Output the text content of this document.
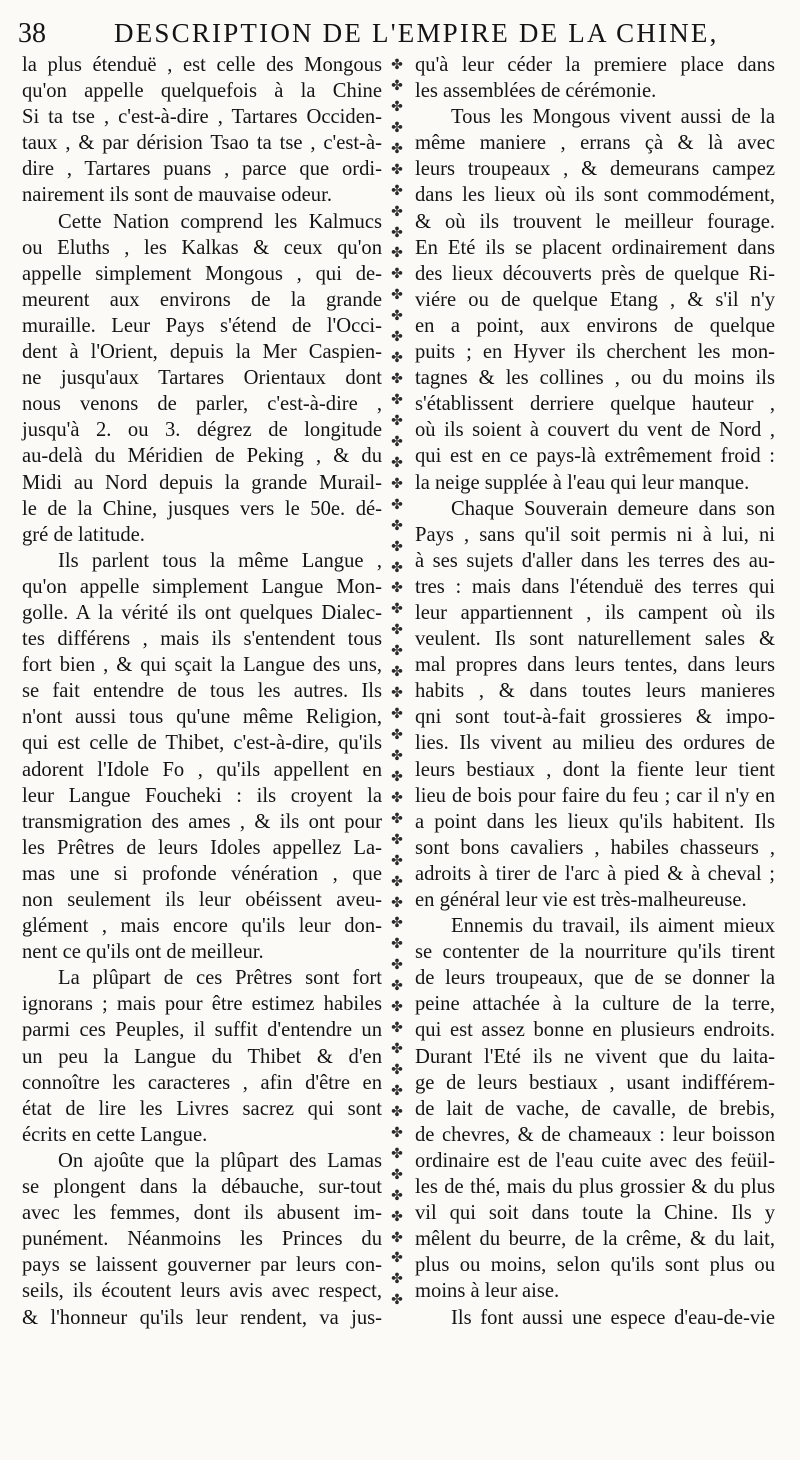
38	DESCRIPTION DE L'EMPIRE DE LA CHINE,
la plus étenduë , est celle des Mongous
qu'on appelle quelquefois à la Chine
Si ta tse , c'est-à-dire , Tartares Occiden-
taux , & par dérision Tsao ta tse , c'est-à-
dire , Tartares puans , parce que ordi-
nairement ils sont de mauvaise odeur.
Cette Nation comprend les Kalmucs
ou Eluths , les Kalkas & ceux qu'on
appelle simplement Mongous , qui de-
meurent aux environs de la grande
muraille. Leur Pays s'étend de l'Occi-
dent à l'Orient, depuis la Mer Caspien-
ne jusqu'aux Tartares Orientaux dont
nous venons de parler, c'est-à-dire ,
jusqu'à 2. ou 3. dégrez de longitude
au-delà du Méridien de Peking , & du
Midi au Nord depuis la grande Murail-
le de la Chine, jusques vers le 50e. dé-
gré de latitude.
Ils parlent tous la même Langue ,
qu'on appelle simplement Langue Mon-
golle. A la vérité ils ont quelques Dialec-
tes différens , mais ils s'entendent tous
fort bien , & qui sçait la Langue des uns,
se fait entendre de tous les autres. Ils
n'ont aussi tous qu'une même Religion,
qui est celle de Thibet, c'est-à-dire, qu'ils
adorent l'Idole Fo , qu'ils appellent en
leur Langue Foucheki : ils croyent la
transmigration des ames , & ils ont pour
les Prêtres de leurs Idoles appellez La-
mas une si profonde vénération , que
non seulement ils leur obéissent aveu-
glément , mais encore qu'ils leur don-
nent ce qu'ils ont de meilleur.
La plûpart de ces Prêtres sont fort
ignorans ; mais pour être estimez habiles
parmi ces Peuples, il suffit d'entendre un
un peu la Langue du Thibet & d'en
connoître les caracteres , afin d'être en
état de lire les Livres sacrez qui sont
écrits en cette Langue.
On ajoûte que la plûpart des Lamas
se plongent dans la débauche, sur-tout
avec les femmes, dont ils abusent im-
punément. Néanmoins les Princes du
pays se laissent gouverner par leurs con-
seils, ils écoutent leurs avis avec respect,
& l'honneur qu'ils leur rendent, va jus-
✤
✤
✤
✤
✤
✤
✤
✤
✤
✤
✤
✤
✤
✤
✤
✤
✤
✤
✤
✤
✤
✤
✤
✤
✤
✤
✤
✤
✤
✤
✤
✤
✤
✤
✤
✤
✤
✤
✤
✤
✤
✤
✤
✤
✤
✤
✤
✤
✤
✤
✤
✤
✤
✤
✤
✤
✤
✤
✤
✤
qu'à leur céder la premiere place dans
les assemblées de cérémonie.
Tous les Mongous vivent aussi de la
même maniere , errans çà & là avec
leurs troupeaux , & demeurans campez
dans les lieux où ils sont commodément,
& où ils trouvent le meilleur fourage.
En Eté ils se placent ordinairement dans
des lieux découverts près de quelque Ri-
viére ou de quelque Etang , & s'il n'y
en a point, aux environs de quelque
puits ; en Hyver ils cherchent les mon-
tagnes & les collines , ou du moins ils
s'établissent derriere quelque hauteur ,
où ils soient à couvert du vent de Nord ,
qui est en ce pays-là extrêmement froid :
la neige supplée à l'eau qui leur manque.
Chaque Souverain demeure dans son
Pays , sans qu'il soit permis ni à lui, ni
à ses sujets d'aller dans les terres des au-
tres : mais dans l'étenduë des terres qui
leur appartiennent , ils campent où ils
veulent. Ils sont naturellement sales &
mal propres dans leurs tentes, dans leurs
habits , & dans toutes leurs manieres
qni sont tout-à-fait grossieres & impo-
lies. Ils vivent au milieu des ordures de
leurs bestiaux , dont la fiente leur tient
lieu de bois pour faire du feu ; car il n'y en
a point dans les lieux qu'ils habitent. Ils
sont bons cavaliers , habiles chasseurs ,
adroits à tirer de l'arc à pied & à cheval ;
en général leur vie est très-malheureuse.
Ennemis du travail, ils aiment mieux
se contenter de la nourriture qu'ils tirent
de leurs troupeaux, que de se donner la
peine attachée à la culture de la terre,
qui est assez bonne en plusieurs endroits.
Durant l'Eté ils ne vivent que du laita-
ge de leurs bestiaux , usant indifférem-
de lait de vache, de cavalle, de brebis,
de chevres, & de chameaux : leur boisson
ordinaire est de l'eau cuite avec des feüil-
les de thé, mais du plus grossier & du plus
vil qui soit dans toute la Chine. Ils y
mêlent du beurre, de la crême, & du lait,
plus ou moins, selon qu'ils sont plus ou
moins à leur aise.
Ils font aussi une espece d'eau-de-vie
